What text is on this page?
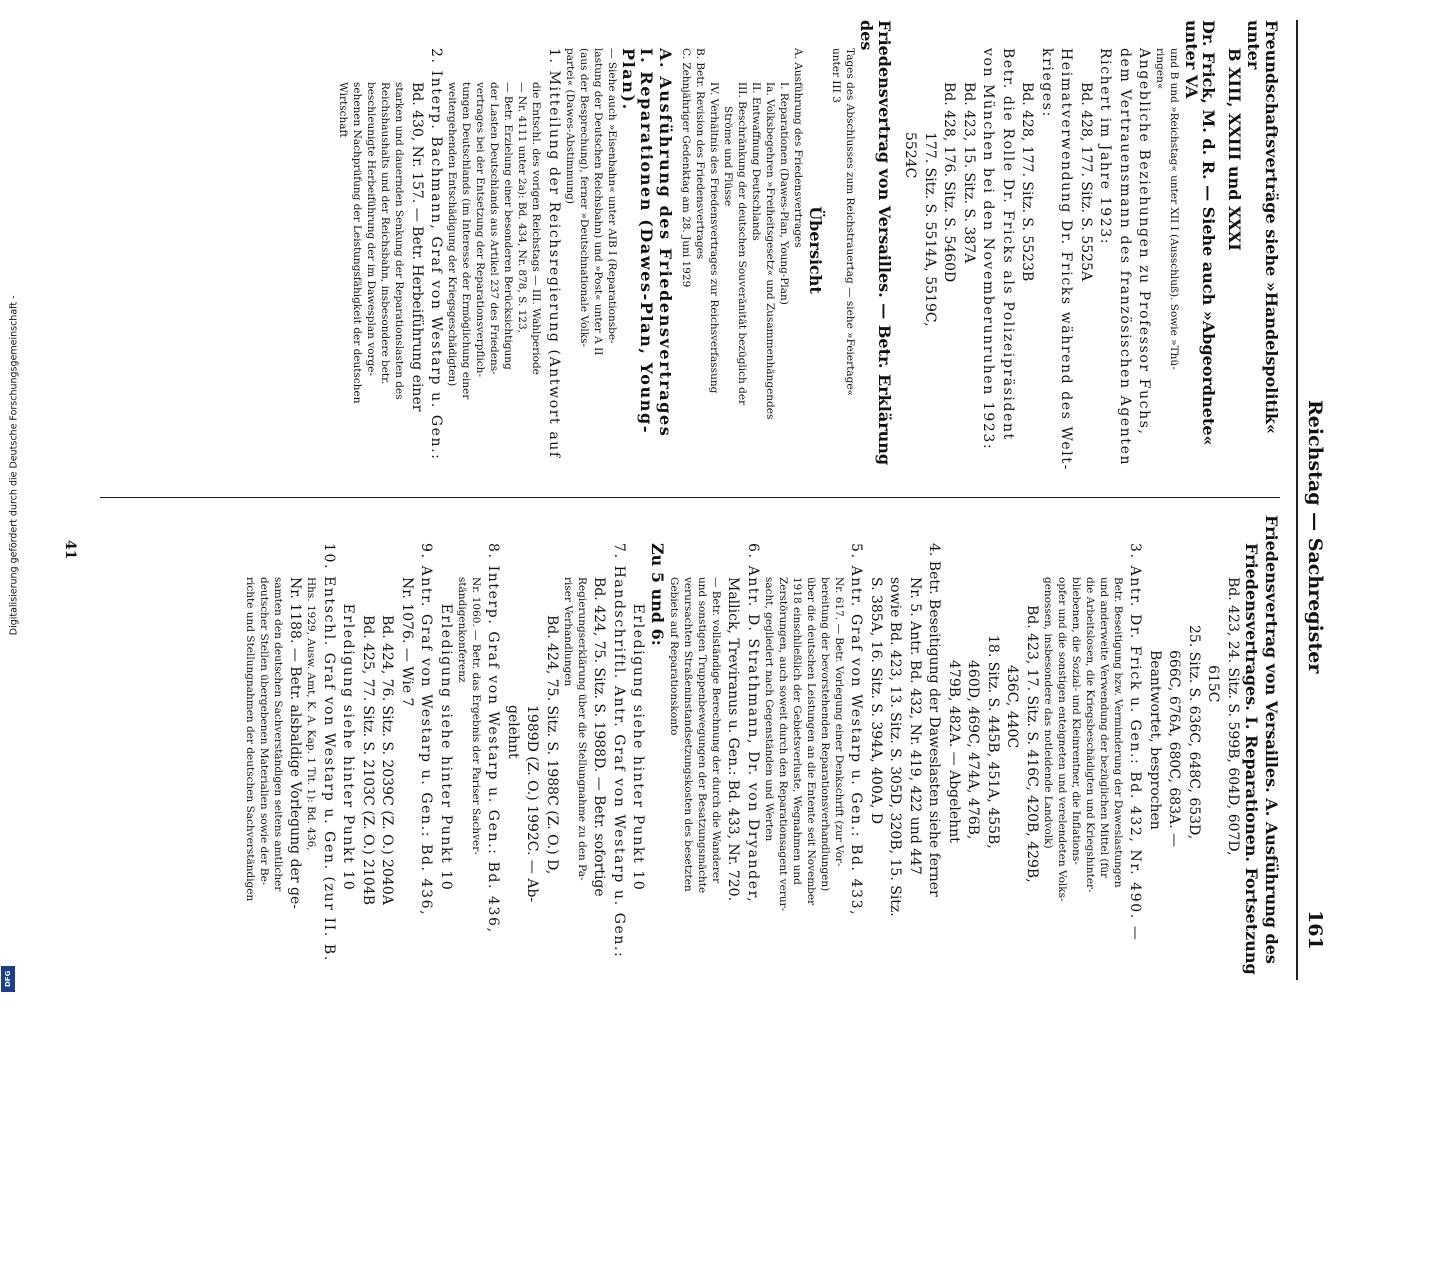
Reichstag — Sachregister
161

Freundschaftsverträge siehe »Handelspolitik« unter

B XIII, XXIII und XXXI

Dr. Frick, M. d. R. — Siehe auch »Abgeordnete« unter VA

und B und »Reichstag« unter XII I (Ausschluß). Sowie »Thü-

ringen«

Angebliche Beziehungen zu Professor Fuchs,

dem Vertrauensmann des französischen Agenten

Richert im Jahre 1923:

Bd. 428, 177. Sitz. S. 5525A

Heimatverwendung Dr. Fricks während des Welt-

krieges:

Bd. 428, 177. Sitz. S. 5523B

Betr. die Rolle Dr. Fricks als Polizeipräsident

von München bei den Novemberunruhen 1923:

Bd. 423, 15. Sitz. S. 387A

Bd. 428, 176. Sitz. S. 5460D

177. Sitz. S. 5514A, 5519C,

5524C

Friedensvertrag von Versailles. — Betr. Erklärung des

Tages des Abschlusses zum Reichstrauertag — siehe »Feiertage«

unter III 3

Übersicht

A. Ausführung des Friedensvertrages

I. Reparationen (Dawes-Plan, Young-Plan)

Ia. Volksbegehren »Freiheitsgesetz« und Zusammenhängendes

II. Entwaffnung Deutschlands

III. Beschränkung der deutschen Souveränität bezüglich der

Ströme und Flüsse

IV. Verhältnis des Friedensvertrages zur Reichsverfassung

B. Betr. Revision des Friedensvertrages

C. Zehnjähriger Gedenktag am 28. Juni 1929

A. Ausführung des Friedensvertrages

I. Reparationen (Dawes-Plan, Young-Plan).

— Siehe auch »Eisenbahn« unter AIB I (Reparationsbe-

lastung der Deutschen Reichsbahn) und »Post« unter A II

(aus der Besprechung), ferner »Deutschnationale Volks-

partei« (Dawes-Abstimmung)

1. Mitteilung der Reichsregierung (Antwort auf

die Entschl. des vorigen Reichstags — III. Wahlperiode

— Nr. 4111 unter 2a): Bd. 434, Nr. 878, S. 123,

— Betr. Erzielung einer besonderen Berücksichtigung

der Lasten Deutschlands aus Artikel 237 des Friedens-

vertrages bei der Entsetzung der Reparationsverpflich-

tungen Deutschlands (im Interesse der Ermöglichung einer

weitergehenden Entschädigung der Kriegsgeschädigten)

2. Interp. Bachmann, Graf von Westarp u. Gen.:

Bd. 430, Nr. 157. — Betr. Herbeiführung einer

starken und dauernden Senkung der Reparationslasten des

Reichshaushalts und der Reichsbahn, insbesondere betr.

beschleunigte Herbeiführung der im Dawesplan vorge-

sehenen Nachprüfung der Leistungsfähigkeit der deutschen

Wirtschaft

Friedensvertrag von Versailles. A. Ausführung des

Friedensvertrages. I. Reparationen. Fortsetzung

Bd. 423, 24. Sitz. S. 599B, 604D, 607D,

615C

25. Sitz. S. 636C, 648C, 653D,

666C, 676A, 680C, 683A. —

Beantwortet, besprochen

3. Antr. Dr. Frick u. Gen.: Bd. 432, Nr. 490. —

Betr. Beseitigung bzw. Verminderung der Daweslastungen

und anderweite Verwendung der bezüglichen Mittel (für

die Arbeitslosen, die Kriegsbeschädigten und Kriegshinter-

bliebenen, die Sozial- und Kleinrentner, die Inflations-

opfer und die sonstigen enteigneten und verelendeten Volks-

genossen, insbesondere das notleidende Landvolk)

Bd. 423, 17. Sitz. S. 416C, 420B, 429B,

436C, 440C

18. Sitz. S. 445B, 451A, 455B,

460D, 469C, 474A, 476B,

479B, 482A. — Abgelehnt

4. Betr. Beseitigung der Daweslasten siehe ferner

Nr. 5. Antr. Bd. 432, Nr. 419, 422 und 447

sowie Bd. 423, 13. Sitz. S. 305D, 320B, 15. Sitz.

S. 385A, 16. Sitz. S. 394A, 400A, D

5. Antr. Graf von Westarp u. Gen.: Bd. 433,

Nr. 617. — Betr. Vorlegung einer Denkschrift (zur Vor-

bereitung der bevorstehenden Reparationsverhandlungen)

über die deutschen Leistungen an die Entente seit November

1918 einschließlich der Gebietsverluste, Wegnahmen und

Zerstörungen, auch soweit durch den Reparationsagent verur-

sacht, gegliedert nach Gegenständen und Werten

6. Antr. D. Strathmann, Dr. von Dryander,

Mallick, Treviranus u. Gen.: Bd. 433, Nr. 720.

— Betr. vollständige Berechnung der durch die Wanderer

und sonstigen Truppenbewegungen der Besatzungsmächte

verursachten Straßeninstandsetzungskosten des besetzten

Gebiets auf Reparationskonto

Zu 5 und 6:

Erledigung siehe hinter Punkt 10

7. Handschriftl. Antr. Graf von Westarp u. Gen.:

Bd. 424, 75. Sitz. S. 1988D. — Betr. sofortige

Regierungserklärung über die Stellungnahme zu den Pa-

riser Verhandlungen

Bd. 424, 75. Sitz. S. 1988C (Z. O.) D,

1989D (Z. O.) 1992C. — Ab-

gelehnt

8. Interp. Graf von Westarp u. Gen.: Bd. 436,

Nr. 1060. — Betr. das Ergebnis der Pariser Sachver-

ständigenkonferenz

Erledigung siehe hinter Punkt 10

9. Antr. Graf von Westarp u. Gen.: Bd. 436,

Nr. 1076. — Wie 7

Bd. 424, 76. Sitz. S. 2039C (Z. O.) 2040A

Bd. 425, 77. Sitz. S. 2103C (Z. O.) 2104B

Erledigung siehe hinter Punkt 10

10. Entschl. Graf von Westarp u. Gen. (zur II. B.

Hhs. 1929, Ausw. Amt, K. A. Kap. 1 Tit. 1): Bd. 436,

Nr. 1188. — Betr. alsbaldige Vorlegung der ge-

samten den deutschen Sachverständigen seitens amtlicher

deutscher Stellen übergebenen Materialien sowie der Be-

richte und Stellungnahmen der deutschen Sachverständigen

41
Digitalisierung gefördert durch die Deutsche Forschungsgemeinschaft -
DFG
